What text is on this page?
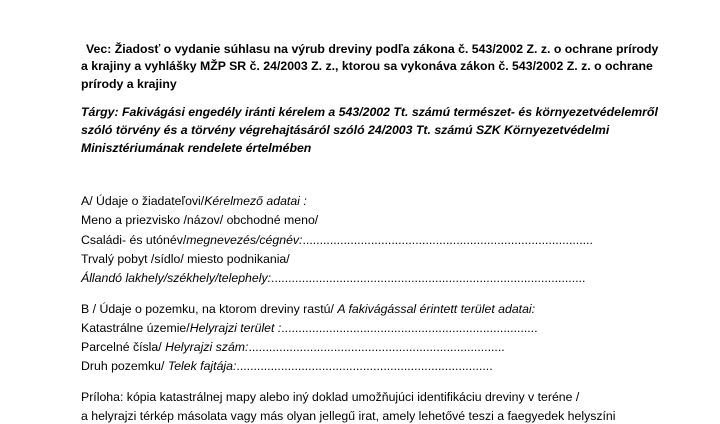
Vec: Žiadosť o vydanie súhlasu na výrub dreviny podľa zákona č. 543/2002 Z. z. o ochrane prírody
a krajiny a vyhlášky MŽP SR č. 24/2003 Z. z., ktorou sa vykonáva zákon č. 543/2002 Z. z. o ochrane
prírody a krajiny
Tárgy: Fakivágási engedély iránti kérelem a 543/2002 Tt. számú természet- és környezetvédelemről
szóló törvény és a törvény végrehajtásáról szóló 24/2003 Tt. számú SZK Környezetvédelmi
Minisztériumának rendelete értelmében
A/ Údaje o žiadateľovi/Kérelmező adatai :
Meno a priezvisko /názov/ obchodné meno/
Családi- és utónév/megnevezés/cégnév:.....................................................................................
Trvalý pobyt /sídlo/ miesto podnikania/
Állandó lakhely/székhely/telephely:............................................................................................
B / Údaje o pozemku, na ktorom dreviny rastú/ A fakivágással érintett terület adatai:
Katastrálne územie/Helyrajzi terület :...........................................................................
Parcelné čísla/ Helyrajzi szám:...........................................................................
Druh pozemku/ Telek fajtája:...........................................................................
Príloha: kópia katastrálnej mapy alebo iný doklad umožňujúci identifikáciu dreviny v teréne /
a helyrajzi térkép másolata vagy más olyan jellegű irat, amely lehetővé teszi a faegyedek helyszíni
